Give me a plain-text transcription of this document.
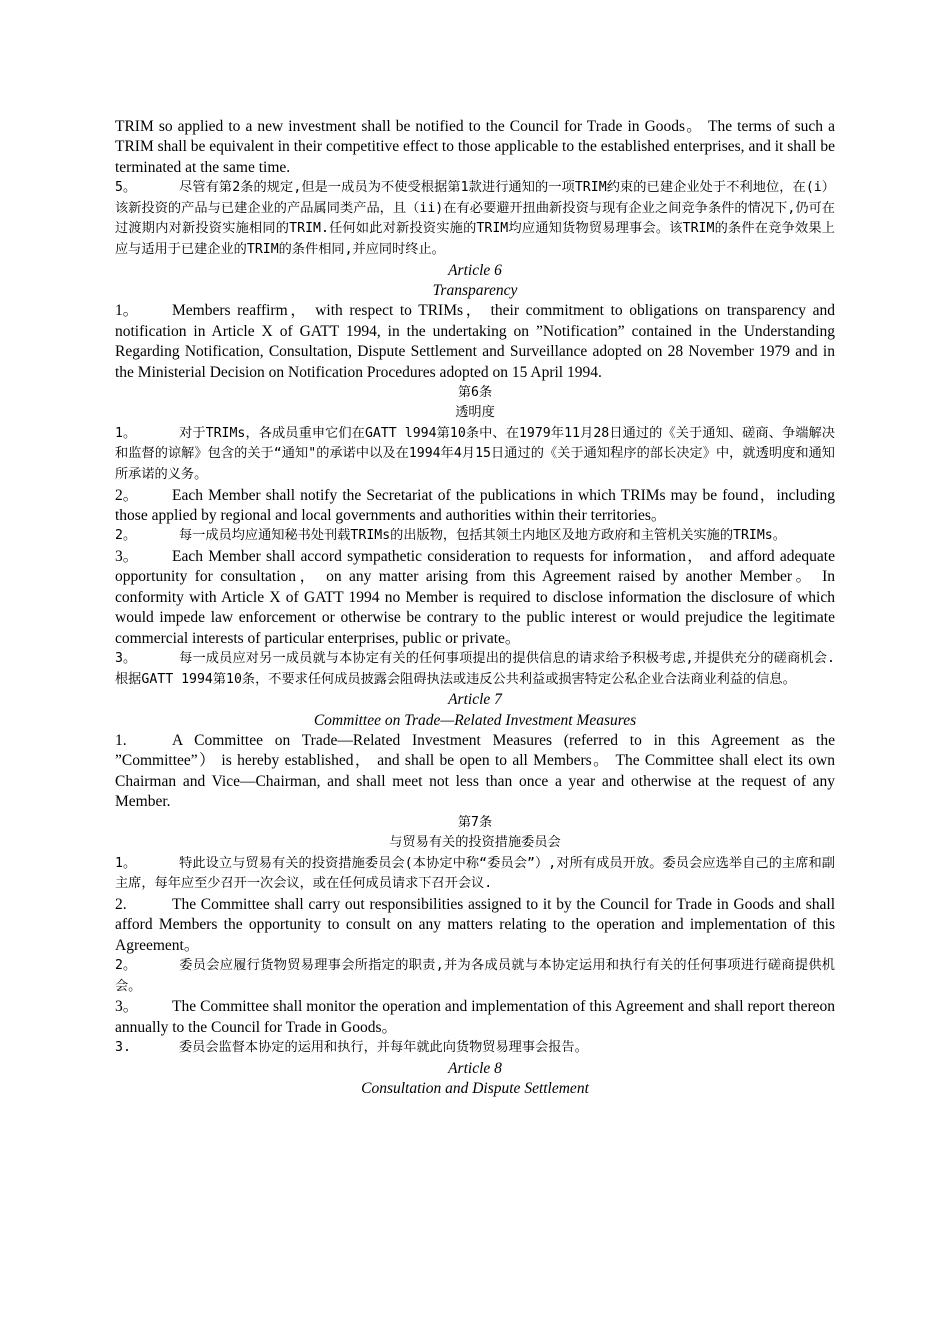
TRIM so applied to a new investment shall be notified to the Council for Trade in Goods。 The terms of such a TRIM shall be equivalent in their competitive effect to those applicable to the established enterprises, and it shall be terminated at the same time.

5。	尽管有第2条的规定,但是一成员为不使受根据第1款进行通知的一项TRIM约束的已建企业处于不利地位，在(i）该新投资的产品与已建企业的产品属同类产品，且（ii)在有必要避开扭曲新投资与现有企业之间竞争条件的情况下,仍可在过渡期内对新投资实施相同的TRIM.任何如此对新投资实施的TRIM均应通知货物贸易理事会。该TRIM的条件在竞争效果上应与适用于已建企业的TRIM的条件相同,并应同时终止。

Article 6

Transparency

1。 Members reaffirm， with respect to TRIMs， their commitment to obligations on transparency and notification in Article X of GATT 1994, in the undertaking on ”Notification” contained in the Understanding Regarding Notification, Consultation, Dispute Settlement and Surveillance adopted on 28 November 1979 and in the Ministerial Decision on Notification Procedures adopted on 15 April 1994.

第6条

透明度

1。	对于TRIMs，各成员重申它们在GATT l994第10条中、在1979年11月28日通过的《关于通知、磋商、争端解决和监督的谅解》包含的关于“通知"的承诺中以及在1994年4月15日通过的《关于通知程序的部长决定》中，就透明度和通知所承诺的义务。

2。 Each Member shall notify the Secretariat of the publications in which TRIMs may be found，including those applied by regional and local governments and authorities within their territories。

2。	每一成员均应通知秘书处刊载TRIMs的出版物，包括其领土内地区及地方政府和主管机关实施的TRIMs。

3。 Each Member shall accord sympathetic consideration to requests for information， and afford adequate opportunity for consultation， on any matter arising from this Agreement raised by another Member。 In conformity with Article X of GATT 1994 no Member is required to disclose information the disclosure of which would impede law enforcement or otherwise be contrary to the public interest or would prejudice the legitimate commercial interests of particular enterprises, public or private。

3。	每一成员应对另一成员就与本协定有关的任何事项提出的提供信息的请求给予积极考虑,并提供充分的磋商机会.根据GATT 1994第10条，不要求任何成员披露会阻碍执法或违反公共利益或损害特定公私企业合法商业利益的信息。

Article 7

Committee on Trade—Related Investment Measures

1.	A Committee on Trade—Related Investment Measures (referred to in this Agreement as the ”Committee”） is hereby established， and shall be open to all Members。 The Committee shall elect its own Chairman and Vice—Chairman, and shall meet not less than once a year and otherwise at the request of any Member.

第7条

与贸易有关的投资措施委员会

1。	特此设立与贸易有关的投资措施委员会(本协定中称“委员会”）,对所有成员开放。委员会应选举自己的主席和副主席，每年应至少召开一次会议，或在任何成员请求下召开会议.

2.	The Committee shall carry out responsibilities assigned to it by the Council for Trade in Goods and shall afford Members the opportunity to consult on any matters relating to the operation and implementation of this Agreement。

2。	委员会应履行货物贸易理事会所指定的职责,并为各成员就与本协定运用和执行有关的任何事项进行磋商提供机会。

3。 The Committee shall monitor the operation and implementation of this Agreement and shall report thereon annually to the Council for Trade in Goods。

3.	委员会监督本协定的运用和执行，并每年就此向货物贸易理事会报告。

Article 8

Consultation and Dispute Settlement
